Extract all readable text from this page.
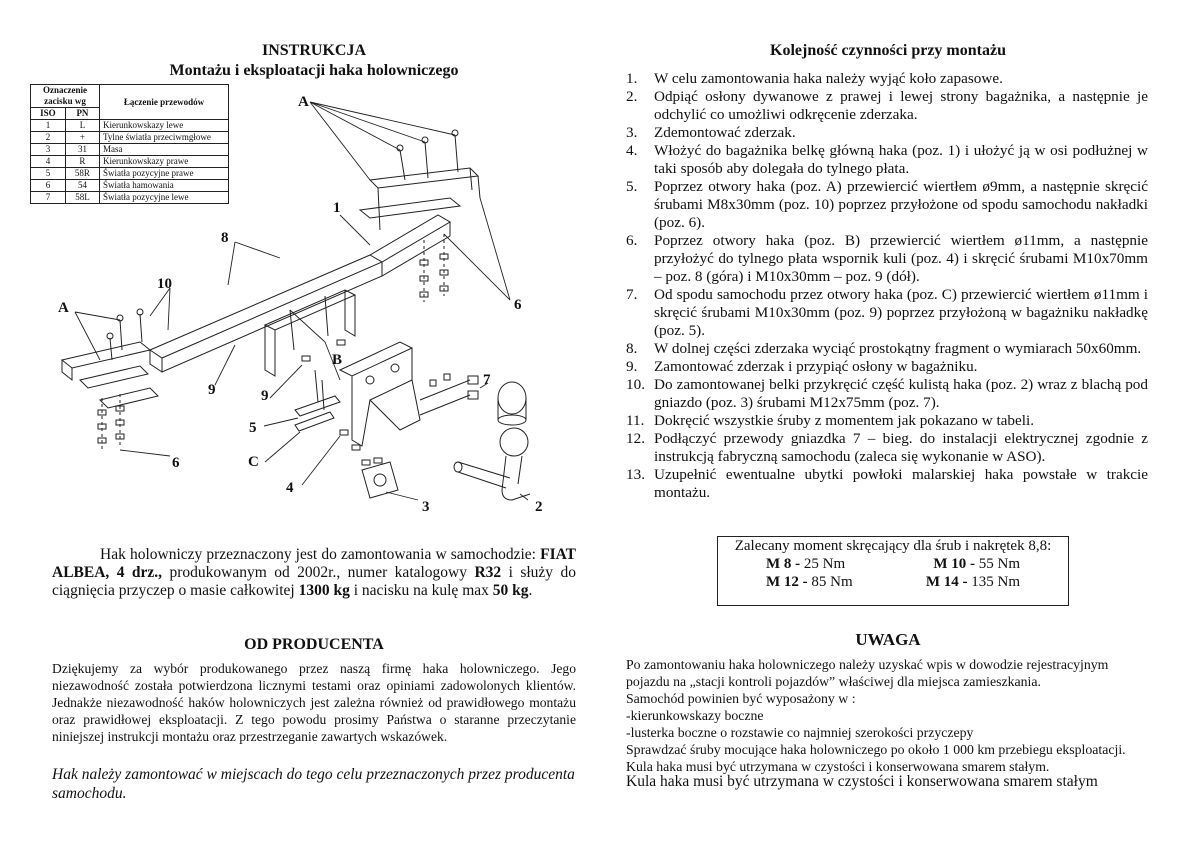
INSTRUKCJA
Montażu i eksploatacji haka holowniczego
Oznaczenie zacisku wg		Łączenie przewodów
ISO	PN	
1	L	Kierunkowskazy lewe
2	+	Tylne światła przeciwmgłowe
3	31	Masa
4	R	Kierunkowskazy prawe
5	58R	Światła pozycyjne prawe
6	54	Światła hamowania
7	58L	Światła pozycyjne lewe
A
A
B
C
1
2
3
4
5
6
6
7
8
9	9
10
Hak holowniczy przeznaczony jest do zamontowania w samochodzie: FIAT ALBEA, 4 drz., produkowanym od 2002r., numer katalogowy R32 i służy do ciągnięcia przyczep o masie całkowitej 1300 kg i nacisku na kulę max 50 kg.
OD PRODUCENTA
Dziękujemy za wybór produkowanego przez naszą firmę haka holowniczego. Jego niezawodność została potwierdzona licznymi testami oraz opiniami zadowolonych klientów. Jednakże niezawodność haków holowniczych jest zależna również od prawidłowego montażu oraz prawidłowej eksploatacji. Z tego powodu prosimy Państwa o staranne przeczytanie niniejszej instrukcji montażu oraz przestrzeganie zawartych wskazówek.
Hak należy zamontować w miejscach do tego celu przeznaczonych przez producenta samochodu.
Kolejność czynności przy montażu
1.	W celu zamontowania haka należy wyjąć koło zapasowe.
2.	Odpiąć osłony dywanowe z prawej i lewej strony bagażnika, a następnie je odchylić co umożliwi odkręcenie zderzaka.
3.	Zdemontować zderzak.
4.	Włożyć do bagażnika belkę główną haka (poz. 1) i ułożyć ją w osi podłużnej w taki sposób aby dolegała do tylnego płata.
5.	Poprzez otwory haka (poz. A) przewiercić wiertłem ø9mm, a następnie skręcić śrubami M8x30mm (poz. 10) poprzez przyłożone od spodu samochodu nakładki (poz. 6).
6.	Poprzez otwory haka (poz. B) przewiercić wiertłem ø11mm, a następnie przyłożyć do tylnego płata wspornik kuli (poz. 4) i skręcić śrubami M10x70mm – poz. 8 (góra) i M10x30mm – poz. 9 (dół).
7.	Od spodu samochodu przez otwory haka (poz. C) przewiercić wiertłem ø11mm i skręcić śrubami M10x30mm (poz. 9) poprzez przyłożoną w bagażniku nakładkę (poz. 5).
8.	W dolnej części zderzaka wyciąć prostokątny fragment o wymiarach 50x60mm.
9.	Zamontować zderzak i przypiąć osłony w bagażniku.
10. Do zamontowanej belki przykręcić część kulistą haka (poz. 2) wraz z blachą pod gniazdo (poz. 3) śrubami M12x75mm (poz. 7).
11. Dokręcić wszystkie śruby z momentem jak pokazano w tabeli.
12. Podłączyć przewody gniazdka 7 – bieg. do instalacji elektrycznej zgodnie z instrukcją fabryczną samochodu (zaleca się wykonanie w ASO).
13. Uzupełnić ewentualne ubytki powłoki malarskiej haka powstałe w trakcie montażu.
Zalecany moment skręcający dla śrub i nakrętek 8,8:
M 8 - 25 Nm	M 10 - 55 Nm
M 12 - 85 Nm	M 14 - 135 Nm
UWAGA
Po zamontowaniu haka holowniczego należy uzyskać wpis w dowodzie rejestracyjnym pojazdu na „stacji kontroli pojazdów” właściwej dla miejsca zamieszkania.
Samochód powinien być wyposażony w :
-kierunkowskazy boczne
-lusterka boczne o rozstawie co najmniej szerokości przyczepy
Sprawdzać śruby mocujące haka holowniczego po około 1 000 km przebiegu eksploatacji.
Kula haka musi być utrzymana w czystości i konserwowana smarem stałym.
Kula haka musi być utrzymana w czystości i konserwowana smarem stałym
